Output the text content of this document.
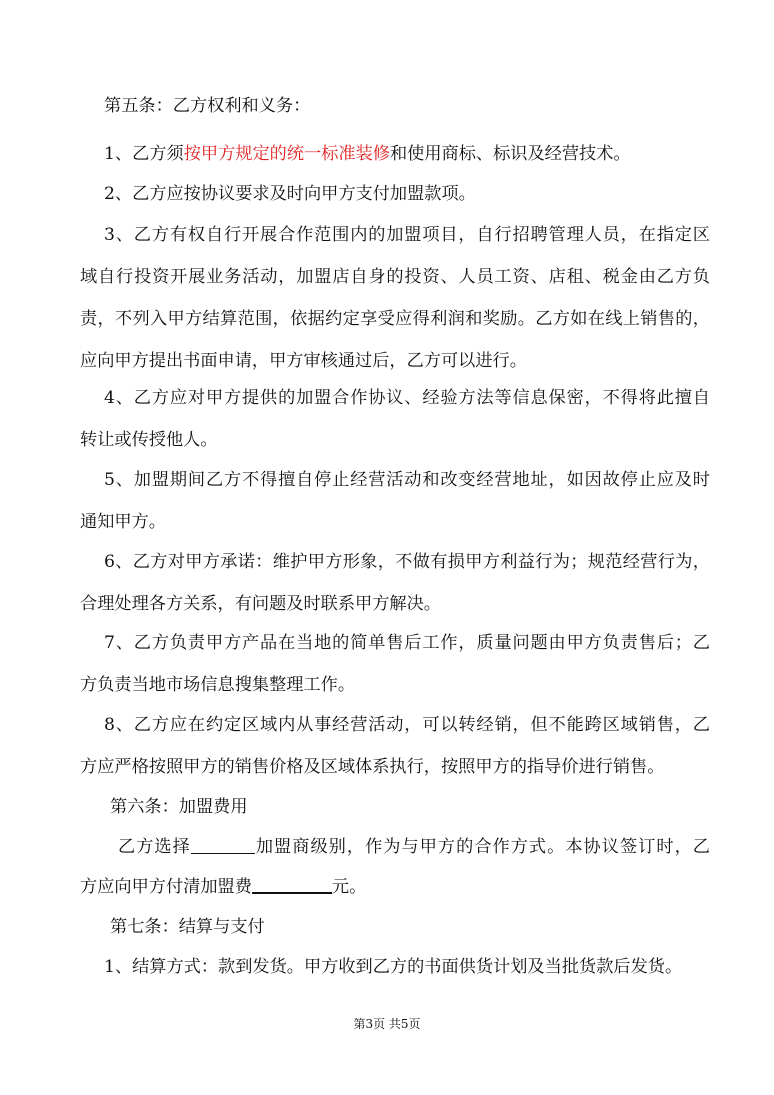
第五条：乙方权利和义务：
1、乙方须按甲方规定的统一标准装修和使用商标、标识及经营技术。
2、乙方应按协议要求及时向甲方支付加盟款项。
3、乙方有权自行开展合作范围内的加盟项目，自行招聘管理人员，在指定区
域自行投资开展业务活动，加盟店自身的投资、人员工资、店租、税金由乙方负
责，不列入甲方结算范围，依据约定享受应得利润和奖励。乙方如在线上销售的，
应向甲方提出书面申请，甲方审核通过后，乙方可以进行。
4、乙方应对甲方提供的加盟合作协议、经验方法等信息保密，不得将此擅自
转让或传授他人。
5、加盟期间乙方不得擅自停止经营活动和改变经营地址，如因故停止应及时
通知甲方。
6、乙方对甲方承诺：维护甲方形象，不做有损甲方利益行为；规范经营行为，
合理处理各方关系，有问题及时联系甲方解决。
7、乙方负责甲方产品在当地的简单售后工作，质量问题由甲方负责售后；乙
方负责当地市场信息搜集整理工作。
8、乙方应在约定区域内从事经营活动，可以转经销，但不能跨区域销售，乙
方应严格按照甲方的销售价格及区域体系执行，按照甲方的指导价进行销售。
第六条：加盟费用
乙方选择	加盟商级别，作为与甲方的合作方式。本协议签订时，乙
方应向甲方付清加盟费	元。
第七条：结算与支付
1、结算方式：款到发货。甲方收到乙方的书面供货计划及当批货款后发货。
第3页 共5页
